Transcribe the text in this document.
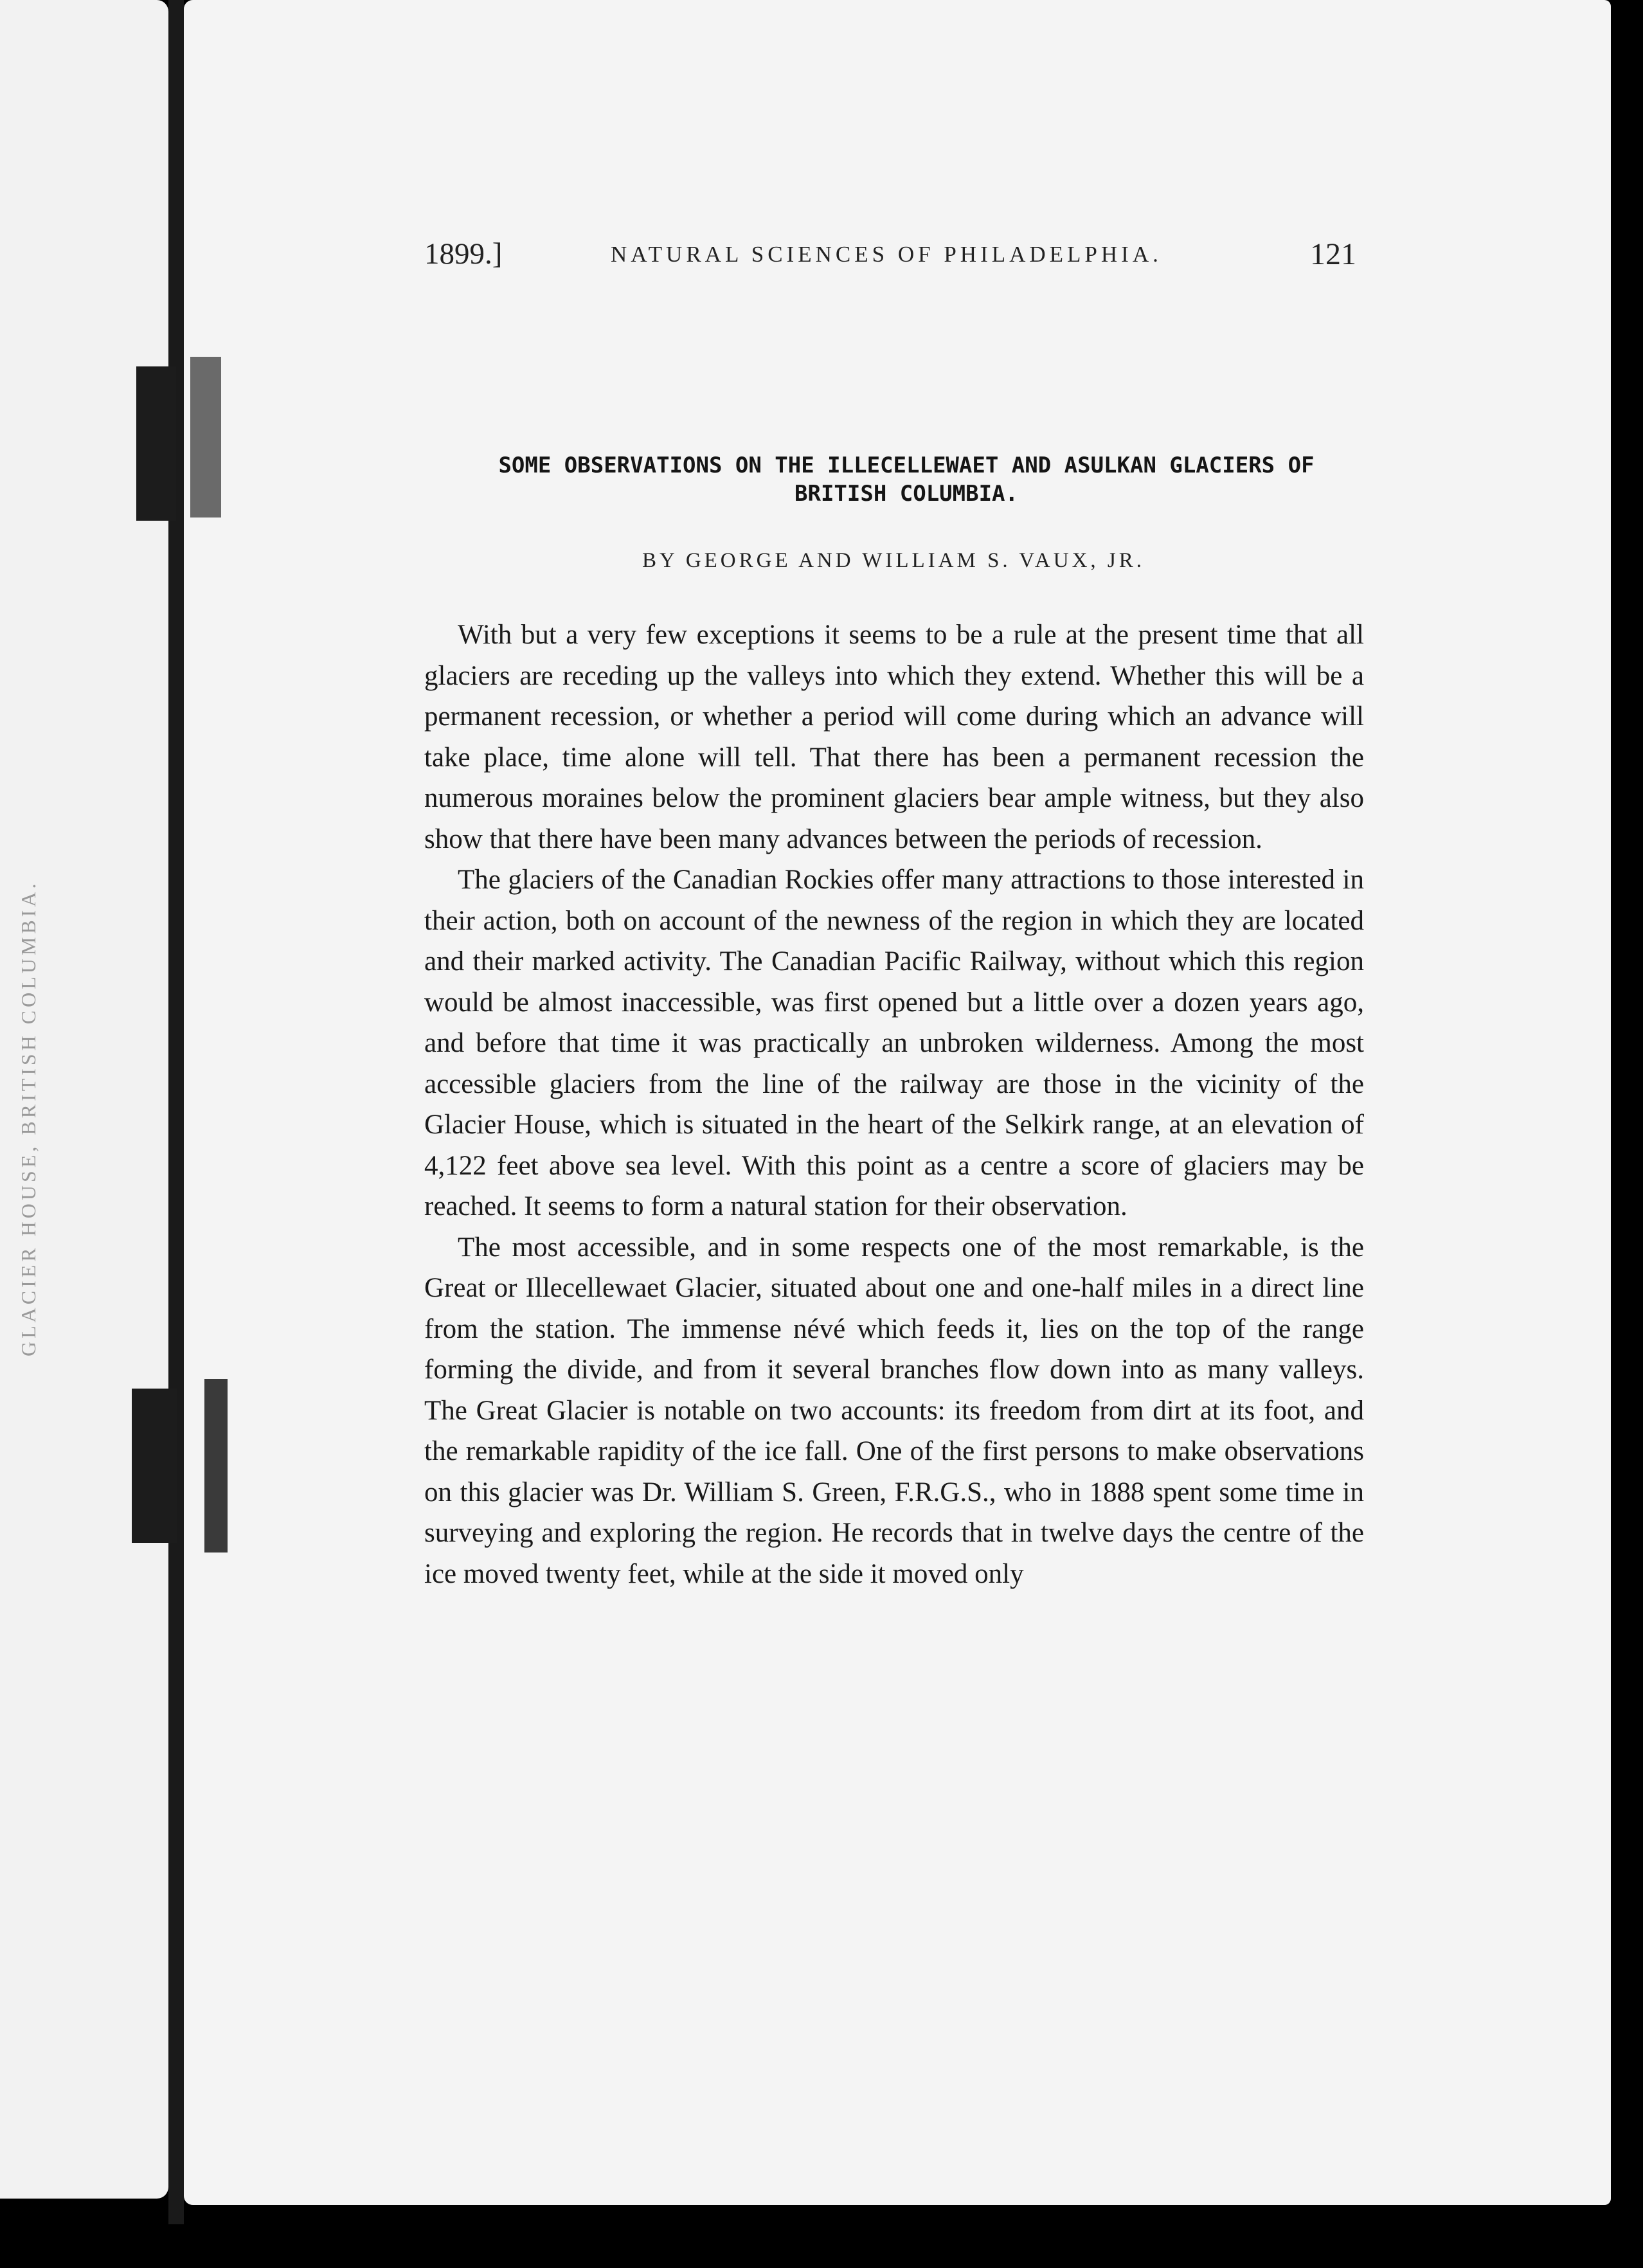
GLACIER HOUSE, BRITISH COLUMBIA.
1899.]	NATURAL SCIENCES OF PHILADELPHIA.	121
SOME OBSERVATIONS ON THE ILLECELLEWAET AND ASULKAN GLACIERS OF BRITISH COLUMBIA.
BY GEORGE AND WILLIAM S. VAUX, JR.

With but a very few exceptions it seems to be a rule at the present time that all glaciers are receding up the valleys into which they extend. Whether this will be a permanent recession, or whether a period will come during which an advance will take place, time alone will tell. That there has been a permanent recession the numerous moraines below the prominent glaciers bear ample witness, but they also show that there have been many advances between the periods of recession.

The glaciers of the Canadian Rockies offer many attractions to those interested in their action, both on account of the newness of the region in which they are located and their marked activity. The Canadian Pacific Railway, without which this region would be almost inaccessible, was first opened but a little over a dozen years ago, and before that time it was practically an unbroken wilderness. Among the most accessible glaciers from the line of the railway are those in the vicinity of the Glacier House, which is situated in the heart of the Selkirk range, at an elevation of 4,122 feet above sea level. With this point as a centre a score of glaciers may be reached. It seems to form a natural station for their observation.

The most accessible, and in some respects one of the most remarkable, is the Great or Illecellewaet Glacier, situated about one and one-half miles in a direct line from the station. The immense névé which feeds it, lies on the top of the range forming the divide, and from it several branches flow down into as many valleys. The Great Glacier is notable on two accounts: its freedom from dirt at its foot, and the remarkable rapidity of the ice fall. One of the first persons to make observations on this glacier was Dr. William S. Green, F.R.G.S., who in 1888 spent some time in surveying and exploring the region. He records that in twelve days the centre of the ice moved twenty feet, while at the side it moved only
